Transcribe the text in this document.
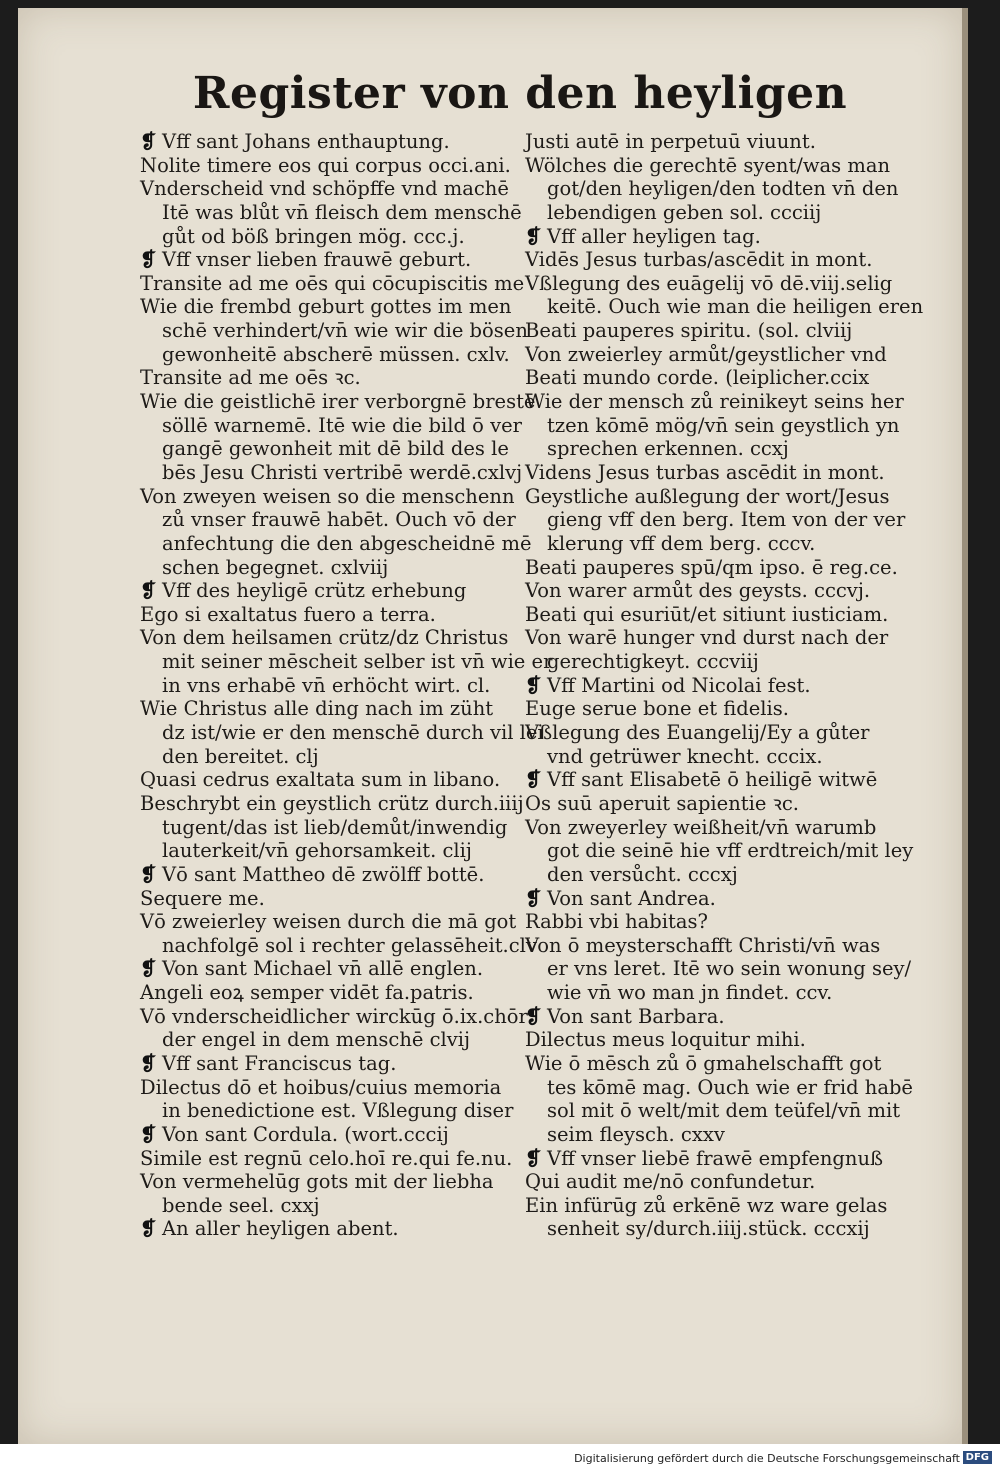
Register von den heyligen
❡ Vff sant Johans enthauptung.
Nolite timere eos qui corpus occi.ani.
Vnderscheid vnd schöpffe vnd machē
Itē was blůt vn̄ fleisch dem menschē
gůt od böß bringen mög. ccc.j.
❡ Vff vnser lieben frauwē geburt.
Transite ad me oēs qui cōcupiscitis me
Wie die frembd geburt gottes im men
schē verhindert/vn̄ wie wir die bösen
gewonheitē abscherē müssen. cxlv.
Transite ad me oēs ꝛc.
Wie die geistlichē irer verborgnē brestē
söllē warnemē. Itē wie die bild ō ver
gangē gewonheit mit dē bild des le
bēs Jesu Christi vertribē werdē.cxlvj
Von zweyen weisen so die menschenn
zů vnser frauwē habēt. Ouch vō der
anfechtung die den abgescheidnē mē
schen begegnet. cxlviij
❡ Vff des heyligē crütz erhebung
Ego si exaltatus fuero a terra.
Von dem heilsamen crütz/dz Christus
mit seiner mēscheit selber ist vn̄ wie er
in vns erhabē vn̄ erhöcht wirt. cl.
Wie Christus alle ding nach im züht
dz ist/wie er den menschē durch vil lei
den bereitet. clj
Quasi cedrus exaltata sum in libano.
Beschrybt ein geystlich crütz durch.iiij
tugent/das ist lieb/demůt/inwendig
lauterkeit/vn̄ gehorsamkeit. clij
❡ Vō sant Mattheo dē zwölff bottē.
Sequere me.
Vō zweierley weisen durch die mā got
nachfolgē sol i rechter gelassēheit.clv
❡ Von sant Michael vn̄ allē englen.
Angeli eoꝝ semper vidēt fa.patris.
Vō vnderscheidlicher wirckūg ō.ix.chōr
der engel in dem menschē clvij
❡ Vff sant Franciscus tag.
Dilectus dō et hoibus/cuius memoria
in benedictione est. Vßlegung diser
❡ Von sant Cordula. (wort.cccij
Simile est regnū celo.hoī re.qui fe.nu.
Von vermehelūg gots mit der liebha
bende seel. cxxj
❡ An aller heyligen abent.
Justi autē in perpetuū viuunt.
Wölches die gerechtē syent/was man
got/den heyligen/den todten vn̄ den
lebendigen geben sol. ccciij
❡ Vff aller heyligen tag.
Vidēs Jesus turbas/ascēdit in mont.
Vßlegung des euāgelij vō dē.viij.selig
keitē. Ouch wie man die heiligen eren
Beati pauperes spiritu. (sol. clviij
Von zweierley armůt/geystlicher vnd
Beati mundo corde. (leiplicher.ccix
Wie der mensch zů reinikeyt seins her
tzen kōmē mög/vn̄ sein geystlich yn
sprechen erkennen. ccxj
Videns Jesus turbas ascēdit in mont.
Geystliche außlegung der wort/Jesus
gieng vff den berg. Item von der ver
klerung vff dem berg. cccv.
Beati pauperes spū/qm ipso. ē reg.ce.
Von warer armůt des geysts. cccvj.
Beati qui esuriūt/et sitiunt iusticiam.
Von warē hunger vnd durst nach der
gerechtigkeyt. cccviij
❡ Vff Martini od Nicolai fest.
Euge serue bone et fidelis.
Vßlegung des Euangelij/Ey a gůter
vnd getrüwer knecht. cccix.
❡ Vff sant Elisabetē ō heiligē witwē
Os suū aperuit sapientie ꝛc.
Von zweyerley weißheit/vn̄ warumb
got die seinē hie vff erdtreich/mit ley
den versůcht. cccxj
❡ Von sant Andrea.
Rabbi vbi habitas?
Von ō meysterschafft Christi/vn̄ was
er vns leret. Itē wo sein wonung sey/
wie vn̄ wo man jn findet. ccv.
❡ Von sant Barbara.
Dilectus meus loquitur mihi.
Wie ō mēsch zů ō gmahelschafft got
tes kōmē mag. Ouch wie er frid habē
sol mit ō welt/mit dem teüfel/vn̄ mit
seim fleysch. cxxv
❡ Vff vnser liebē frawē empfengnuß
Qui audit me/nō confundetur.
Ein infürūg zů erkēnē wz ware gelas
senheit sy/durch.iiij.stück. cccxij
Digitalisierung gefördert durch die Deutsche Forschungsgemeinschaft DFG
